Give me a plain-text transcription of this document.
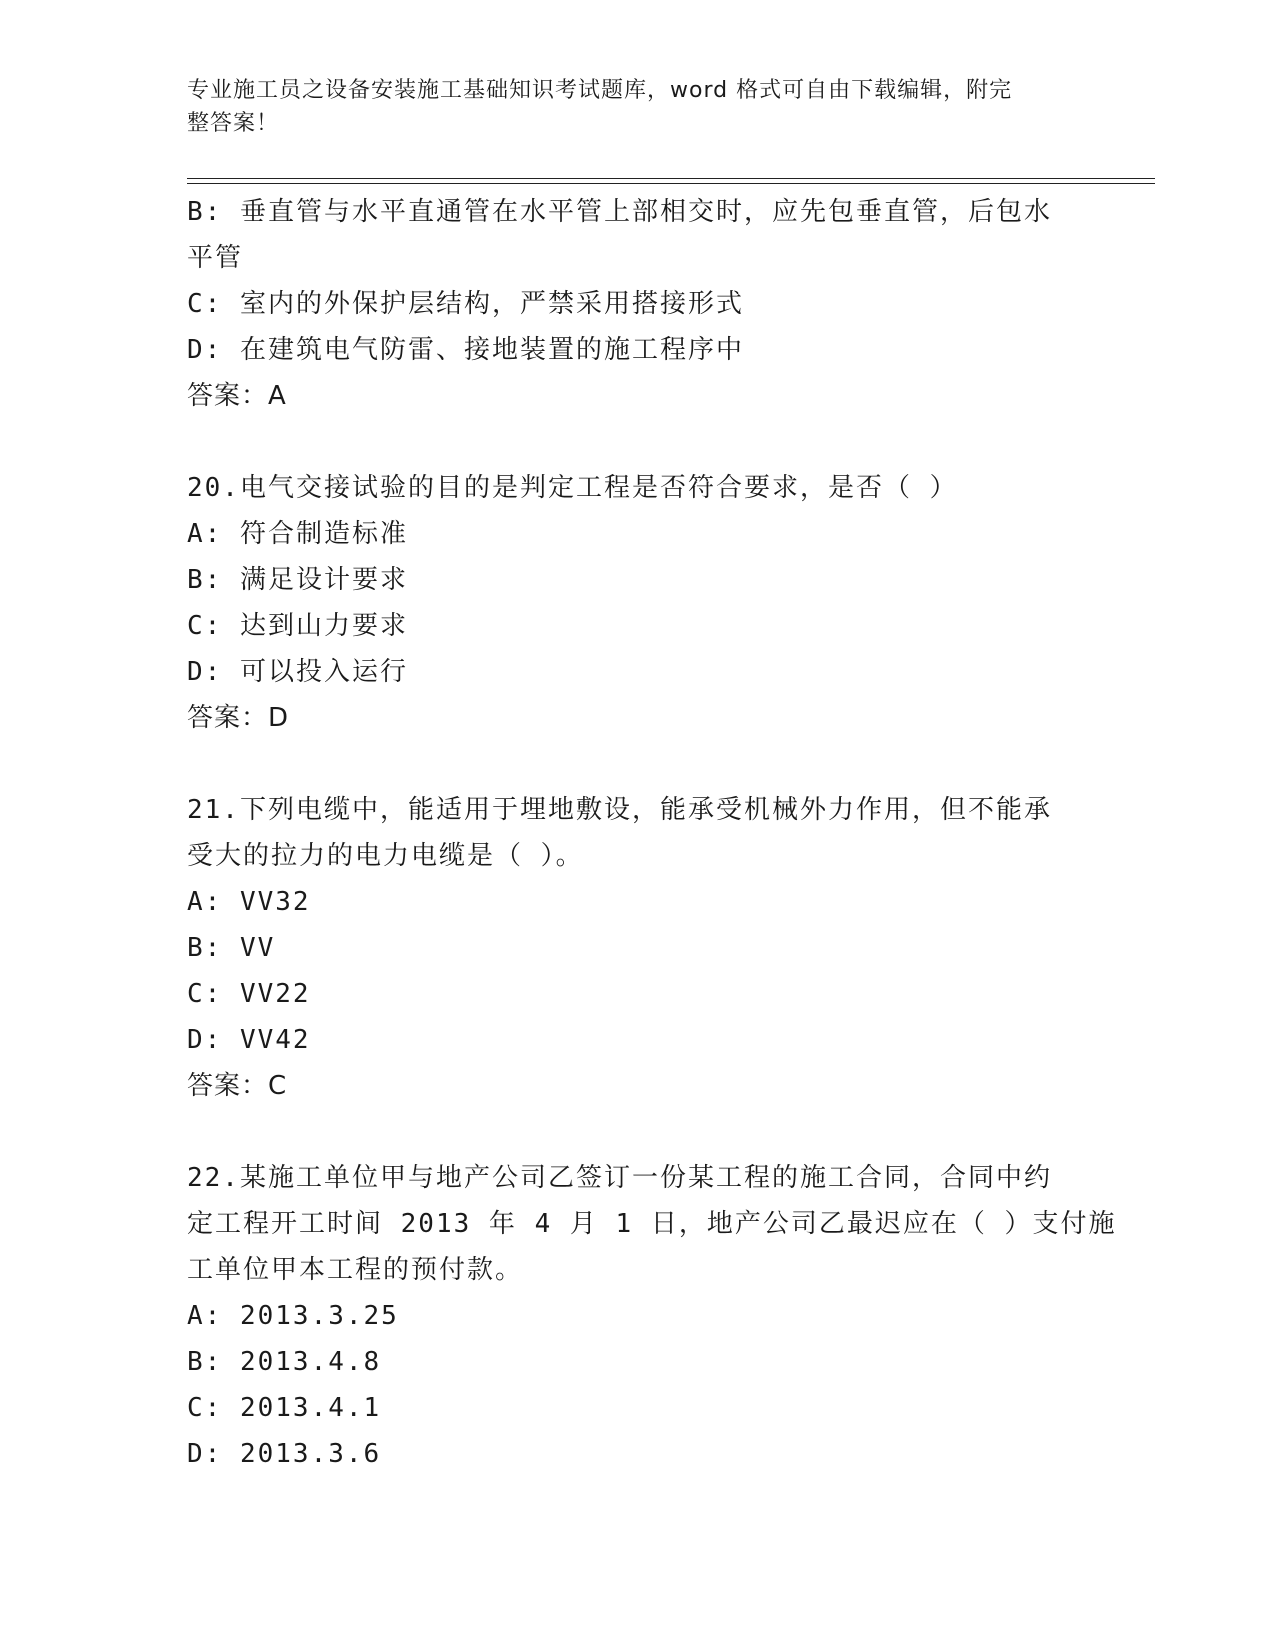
专业施工员之设备安装施工基础知识考试题库，word 格式可自由下载编辑，附完
整答案！
B: 垂直管与水平直通管在水平管上部相交时，应先包垂直管，后包水
平管
C: 室内的外保护层结构，严禁采用搭接形式
D: 在建筑电气防雷、接地装置的施工程序中
答案：A
20.电气交接试验的目的是判定工程是否符合要求，是否（ ）
A: 符合制造标准
B: 满足设计要求
C: 达到山力要求
D: 可以投入运行
答案：D
21.下列电缆中，能适用于埋地敷设，能承受机械外力作用，但不能承
受大的拉力的电力电缆是（ ）。
A: VV32
B: VV
C: VV22
D: VV42
答案：C
22.某施工单位甲与地产公司乙签订一份某工程的施工合同，合同中约
定工程开工时间 2013 年 4 月 1 日，地产公司乙最迟应在（ ）支付施
工单位甲本工程的预付款。
A: 2013.3.25
B: 2013.4.8
C: 2013.4.1
D: 2013.3.6
